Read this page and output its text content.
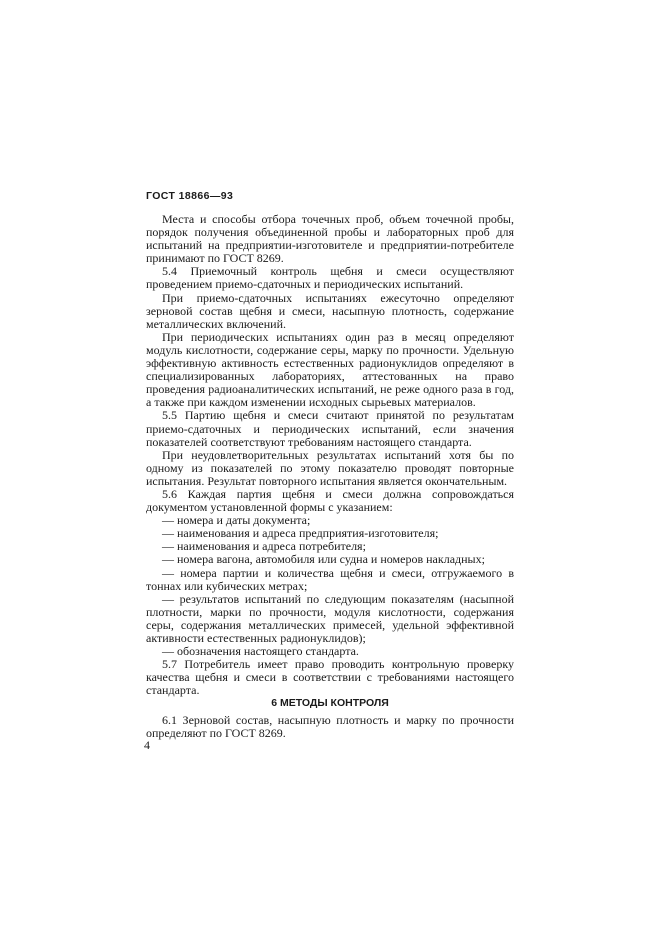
ГОСТ 18866—93

Места и способы отбора точечных проб, объем точечной пробы, порядок получения объединенной пробы и лабораторных проб для испытаний на предприятии-изготовителе и предприятии-потребителе принимают по ГОСТ 8269.

5.4 Приемочный контроль щебня и смеси осуществляют проведением приемо-сдаточных и периодических испытаний.

При приемо-сдаточных испытаниях ежесуточно определяют зерновой состав щебня и смеси, насыпную плотность, содержание металлических включений.

При периодических испытаниях один раз в месяц определяют модуль кислотности, содержание серы, марку по прочности. Удельную эффективную активность естественных радионуклидов определяют в специализированных лабораториях, аттестованных на право проведения радиоаналитических испытаний, не реже одного раза в год, а также при каждом изменении исходных сырьевых материалов.

5.5 Партию щебня и смеси считают принятой по результатам приемо-сдаточных и периодических испытаний, если значения показателей соответствуют требованиям настоящего стандарта.

При неудовлетворительных результатах испытаний хотя бы по одному из показателей по этому показателю проводят повторные испытания. Результат повторного испытания является окончательным.

5.6 Каждая партия щебня и смеси должна сопровождаться документом установленной формы с указанием:

— номера и даты документа;

— наименования и адреса предприятия-изготовителя;

— наименования и адреса потребителя;

— номера вагона, автомобиля или судна и номеров накладных;

— номера партии и количества щебня и смеси, отгружаемого в тоннах или кубических метрах;

— результатов испытаний по следующим показателям (насыпной плотности, марки по прочности, модуля кислотности, содержания серы, содержания металлических примесей, удельной эффективной активности естественных радионуклидов);

— обозначения настоящего стандарта.

5.7 Потребитель имеет право проводить контрольную проверку качества щебня и смеси в соответствии с требованиями настоящего стандарта.

6 МЕТОДЫ КОНТРОЛЯ

6.1 Зерновой состав, насыпную плотность и марку по прочности определяют по ГОСТ 8269.

4
